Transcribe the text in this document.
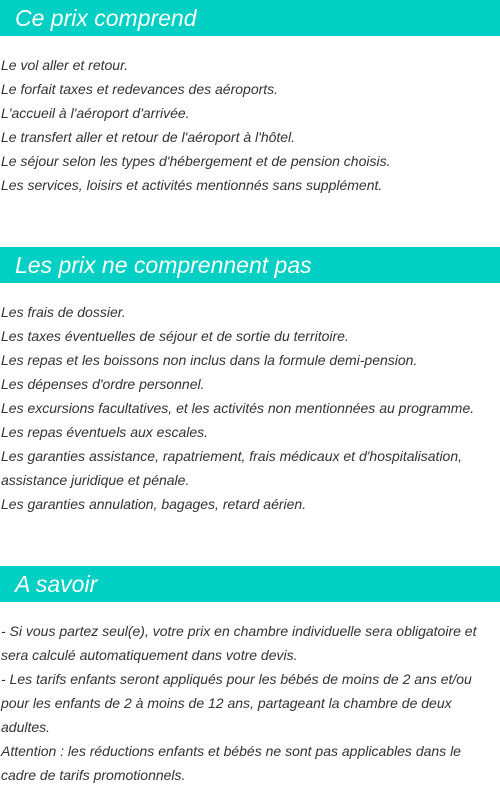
Ce prix comprend
Le vol aller et retour.
Le forfait taxes et redevances des aéroports.
L'accueil à l'aéroport d'arrivée.
Le transfert aller et retour de l'aéroport à l'hôtel.
Le séjour selon les types d'hébergement et de pension choisis.
Les services, loisirs et activités mentionnés sans supplément.
Les prix ne comprennent pas
Les frais de dossier.
Les taxes éventuelles de séjour et de sortie du territoire.
Les repas et les boissons non inclus dans la formule demi-pension.
Les dépenses d'ordre personnel.
Les excursions facultatives, et les activités non mentionnées au programme.
Les repas éventuels aux escales.
Les garanties assistance, rapatriement, frais médicaux et d'hospitalisation, assistance juridique et pénale.
Les garanties annulation, bagages, retard aérien.
A savoir
- Si vous partez seul(e), votre prix en chambre individuelle sera obligatoire et sera calculé automatiquement dans votre devis.
- Les tarifs enfants seront appliqués pour les bébés de moins de 2 ans et/ou pour les enfants de 2 à moins de 12 ans, partageant la chambre de deux adultes.
Attention : les réductions enfants et bébés ne sont pas applicables dans le cadre de tarifs promotionnels.
